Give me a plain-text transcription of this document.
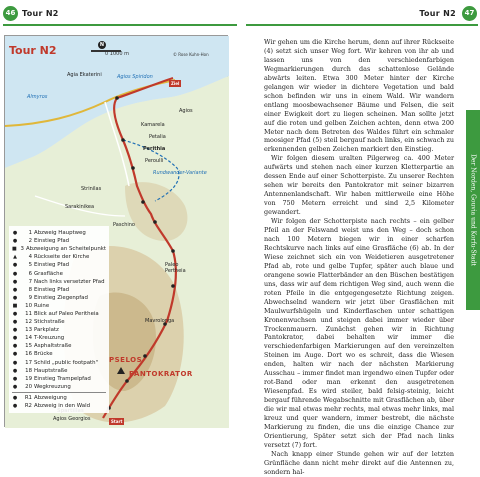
46 Tour N2
Tour N2	N
0 1000 m	© Rose Kuhn-Hon
Agia Ekaterini	Agios Spiridon
Almyros
Agios
Kamarela
Petalia
Perithia
Peroulli
Rundwander-Variante
Strinilas
Sarakinikea
Paschino
Paleo
Pertheia
Mavrolonga
PSELOS
PANTOKRATOR
Agios Georgios
Ziel
Start
●	1 Abzweig Hauptweg
●	2 Einstieg Pfad
■ 3 Abzweigung an Scheitelpunkt
▲	4 Rückseite der Kirche
●	5 Einstieg Pfad
●	6 Grasfläche
●	7 Nach links versetzter Pfad
●	8 Einstieg Pfad
●	9 Einstieg Ziegenpfad
■	10 Ruine
●	11 Blick auf Paleo Peritheia
●	12 Stichstraße
●	13 Parkplatz
●	14 T-Kreuzung
●	15 Asphaltstraße
●	16 Brücke
●	17 Schild „public footpath"
●	18 Hauptstraße
●	19 Einstieg Trampelpfad
●	20 Wegkreuzung
●	R1 Abzweigung
●	R2 Abzweig in den Wald
Tour N2	47
Der Norden, Gouvia und Korfu-Stadt

Wir gehen um die Kirche herum, denn auf ihrer Rückseite (4) setzt sich unser Weg fort. Wir kehren von ihr ab und lassen uns von den verschiedenfarbigen Wegmarkierungen durch das schattenlose Gelände abwärts leiten. Etwa 300 Meter hinter der Kirche gelangen wir wieder in dichtere Vegetation und bald schon befinden wir uns in einem Wald. Wir wandern entlang moosbewachsener Bäume und Felsen, die seit einer Ewigkeit dort zu liegen scheinen. Man sollte jetzt auf die roten und gelben Zeichen achten, denn etwa 200 Meter nach dem Betreten des Waldes führt ein schmaler moosiger Pfad (5) steil bergauf nach links, ein schwach zu erkennenden gelben Zeichen markiert den Einstieg.

Wir folgen diesem uralten Pilgerweg ca. 400 Meter aufwärts und stehen nach einer kurzen Kletterpartie an dessen Ende auf einer Schotterpiste. Zu unserer Rechten sehen wir bereits den Pantokrator mit seiner bizarren Antennenlandschaft. Wir haben mittlerweile eine Höhe von 750 Metern erreicht und sind 2,5 Kilometer gewandert.

Wir folgen der Schotterpiste nach rechts – ein gelber Pfeil an der Felswand weist uns den Weg – doch schon nach 100 Metern biegen wir in einer scharfen Rechtskurve nach links auf eine Grasfläche (6) ab. In der Wiese zeichnet sich ein von Weidetieren ausgetretener Pfad ab, rote und gelbe Tupfer, später auch blaue und orangene sowie Flatterbänder an den Büschen bestätigen uns, dass wir auf dem richtigen Weg sind, auch wenn die roten Pfeile in die entgegengesetzte Richtung zeigen. Abwechselnd wandern wir jetzt über Grasflächen mit Maulwurfshügeln und Kinderflaschen unter schattigen Kronenwuchsen und steigen dabei immer wieder über Trockenmauern. Zunächst gehen wir in Richtung Pantokrator, dabei behalten wir immer die verschiedenfarbigen Markierungen auf den vereinzelten Steinen im Auge. Dort wo es schreit, dass die Wiesen enden, halten wir nach der nächsten Markierung Ausschau – immer findet man irgendwo einen Tupfer oder rot-Band oder man erkennt den ausgetretenen Wiesenpfad. Es wird steiler, bald felsig-steinig, leicht bergauf führende Wegabschnitte mit Grasflächen ab, über die wir mal etwas mehr rechts, mal etwas mehr links, mal kreuz und quer wandern, immer bestrebt, die nächste Markierung zu finden, die uns die einzige Chance zur Orientierung, Später setzt sich der Pfad nach links versetzt (7) fort.

Nach knapp einer Stunde gehen wir auf der letzten Grünfläche dann nicht mehr direkt auf die Antennen zu, sondern hal-
